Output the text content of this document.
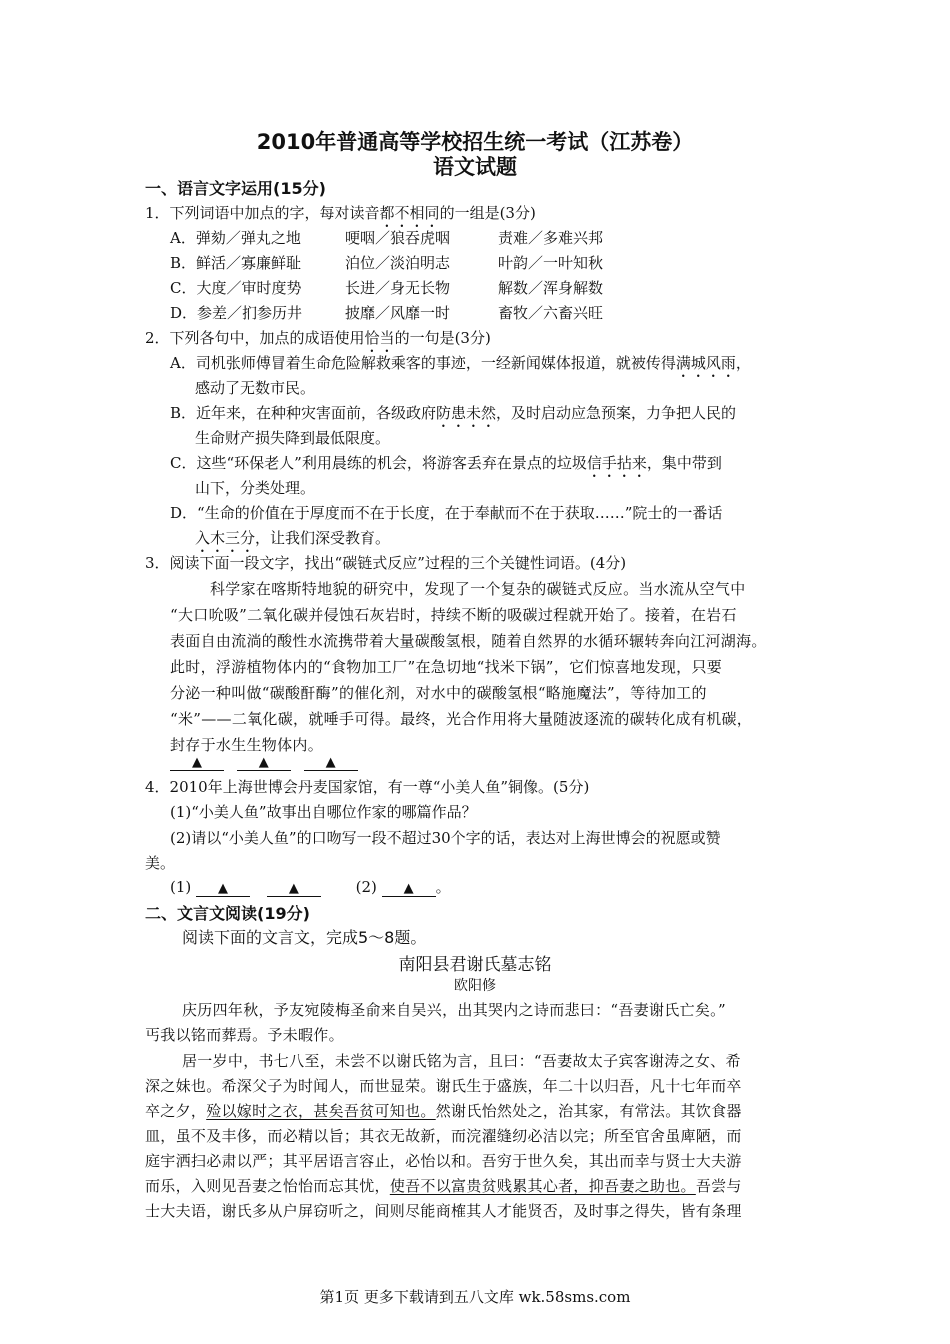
2010年普通高等学校招生统一考试（江苏卷）
语文试题
一、语言文字运用(15分)
1．下列词语中加点的字，每对读音都不相同的一组是(3分)
A．弹劾／弹丸之地	哽咽／狼吞虎咽	责难／多难兴邦
B．鲜活／寡廉鲜耻	泊位／淡泊明志	叶韵／一叶知秋
C．大度／审时度势	长进／身无长物	解数／浑身解数
D．参差／扪参历井	披靡／风靡一时	畜牧／六畜兴旺
2．下列各句中，加点的成语使用恰当的一句是(3分)
A．司机张师傅冒着生命危险解救乘客的事迹，一经新闻媒体报道，就被传得满城风雨，
感动了无数市民。
B．近年来，在种种灾害面前，各级政府防患未然，及时启动应急预案，力争把人民的
生命财产损失降到最低限度。
C．这些“环保老人”利用晨练的机会，将游客丢弃在景点的垃圾信手拈来，集中带到
山下，分类处理。
D．“生命的价值在于厚度而不在于长度，在于奉献而不在于获取……”院士的一番话
入木三分，让我们深受教育。
3．阅读下面一段文字，找出“碳链式反应”过程的三个关键性词语。(4分)
科学家在喀斯特地貌的研究中，发现了一个复杂的碳链式反应。当水流从空气中
“大口吮吸”二氧化碳并侵蚀石灰岩时，持续不断的吸碳过程就开始了。接着，在岩石
表面自由流淌的酸性水流携带着大量碳酸氢根，随着自然界的水循环辗转奔向江河湖海。
此时，浮游植物体内的“食物加工厂”在急切地“找米下锅”，它们惊喜地发现，只要
分泌一种叫做“碳酸酐酶”的催化剂，对水中的碳酸氢根“略施魔法”，等待加工的
“米”——二氧化碳，就唾手可得。最终，光合作用将大量随波逐流的碳转化成有机碳，
封存于水生生物体内。
▲	▲	▲
4．2010年上海世博会丹麦国家馆，有一尊“小美人鱼”铜像。(5分)
(1)“小美人鱼”故事出自哪位作家的哪篇作品？
(2)请以“小美人鱼”的口吻写一段不超过30个字的话，表达对上海世博会的祝愿或赞
美。
(1) ▲	▲	(2) ▲ 。
二、文言文阅读(19分)
阅读下面的文言文，完成5～8题。
南阳县君谢氏墓志铭
欧阳修
庆历四年秋，予友宛陵梅圣俞来自吴兴，出其哭内之诗而悲曰：“吾妻谢氏亡矣。”
丐我以铭而葬焉。予未暇作。
居一岁中，书七八至，未尝不以谢氏铭为言，且曰：“吾妻故太子宾客谢涛之女、希
深之妹也。希深父子为时闻人，而世显荣。谢氏生于盛族，年二十以归吾，凡十七年而卒
卒之夕，殓以嫁时之衣，甚矣吾贫可知也。然谢氏怡然处之，治其家，有常法。其饮食器
皿，虽不及丰侈，而必精以旨；其衣无故新，而浣濯缝纫必洁以完；所至官舍虽庳陋，而
庭宇洒扫必肃以严；其平居语言容止，必怡以和。吾穷于世久矣，其出而幸与贤士大夫游
而乐，入则见吾妻之怡怡而忘其忧，使吾不以富贵贫贱累其心者，抑吾妻之助也。吾尝与
士大夫语，谢氏多从户屏窃听之，间则尽能商榷其人才能贤否，及时事之得失，皆有条理
第1页 更多下载请到五八文库 wk.58sms.com
